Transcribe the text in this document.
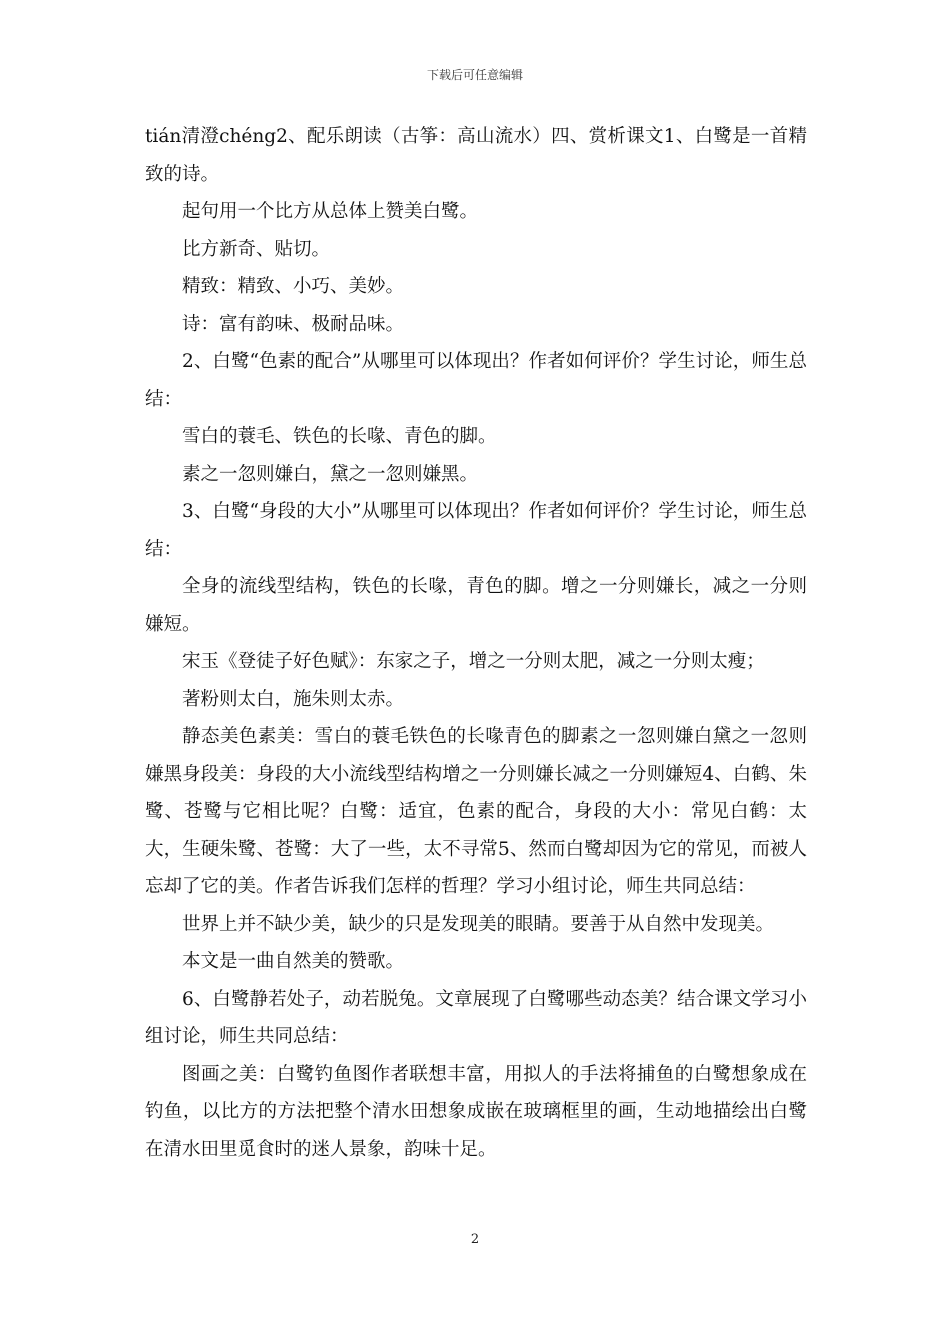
下载后可任意编辑

tián清澄chéng2、配乐朗读（古筝：高山流水）四、赏析课文1、白鹭是一首精致的诗。

起句用一个比方从总体上赞美白鹭。

比方新奇、贴切。

精致：精致、小巧、美妙。

诗：富有韵味、极耐品味。

2、白鹭“色素的配合”从哪里可以体现出？作者如何评价？学生讨论，师生总结：

雪白的蓑毛、铁色的长喙、青色的脚。

素之一忽则嫌白，黛之一忽则嫌黑。

3、白鹭“身段的大小”从哪里可以体现出？作者如何评价？学生讨论，师生总结：

全身的流线型结构，铁色的长喙，青色的脚。增之一分则嫌长，减之一分则嫌短。

宋玉《登徒子好色赋》：东家之子，增之一分则太肥，减之一分则太瘦；

著粉则太白，施朱则太赤。

静态美色素美：雪白的蓑毛铁色的长喙青色的脚素之一忽则嫌白黛之一忽则嫌黑身段美：身段的大小流线型结构增之一分则嫌长减之一分则嫌短4、白鹤、朱鹭、苍鹭与它相比呢？白鹭：适宜，色素的配合，身段的大小：常见白鹤：太大，生硬朱鹭、苍鹭：大了一些，太不寻常5、然而白鹭却因为它的常见，而被人忘却了它的美。作者告诉我们怎样的哲理？学习小组讨论，师生共同总结：

世界上并不缺少美，缺少的只是发现美的眼睛。要善于从自然中发现美。

本文是一曲自然美的赞歌。

6、白鹭静若处子，动若脱兔。文章展现了白鹭哪些动态美？结合课文学习小组讨论，师生共同总结：

图画之美：白鹭钓鱼图作者联想丰富，用拟人的手法将捕鱼的白鹭想象成在钓鱼，以比方的方法把整个清水田想象成嵌在玻璃框里的画，生动地描绘出白鹭在清水田里觅食时的迷人景象，韵味十足。

2
